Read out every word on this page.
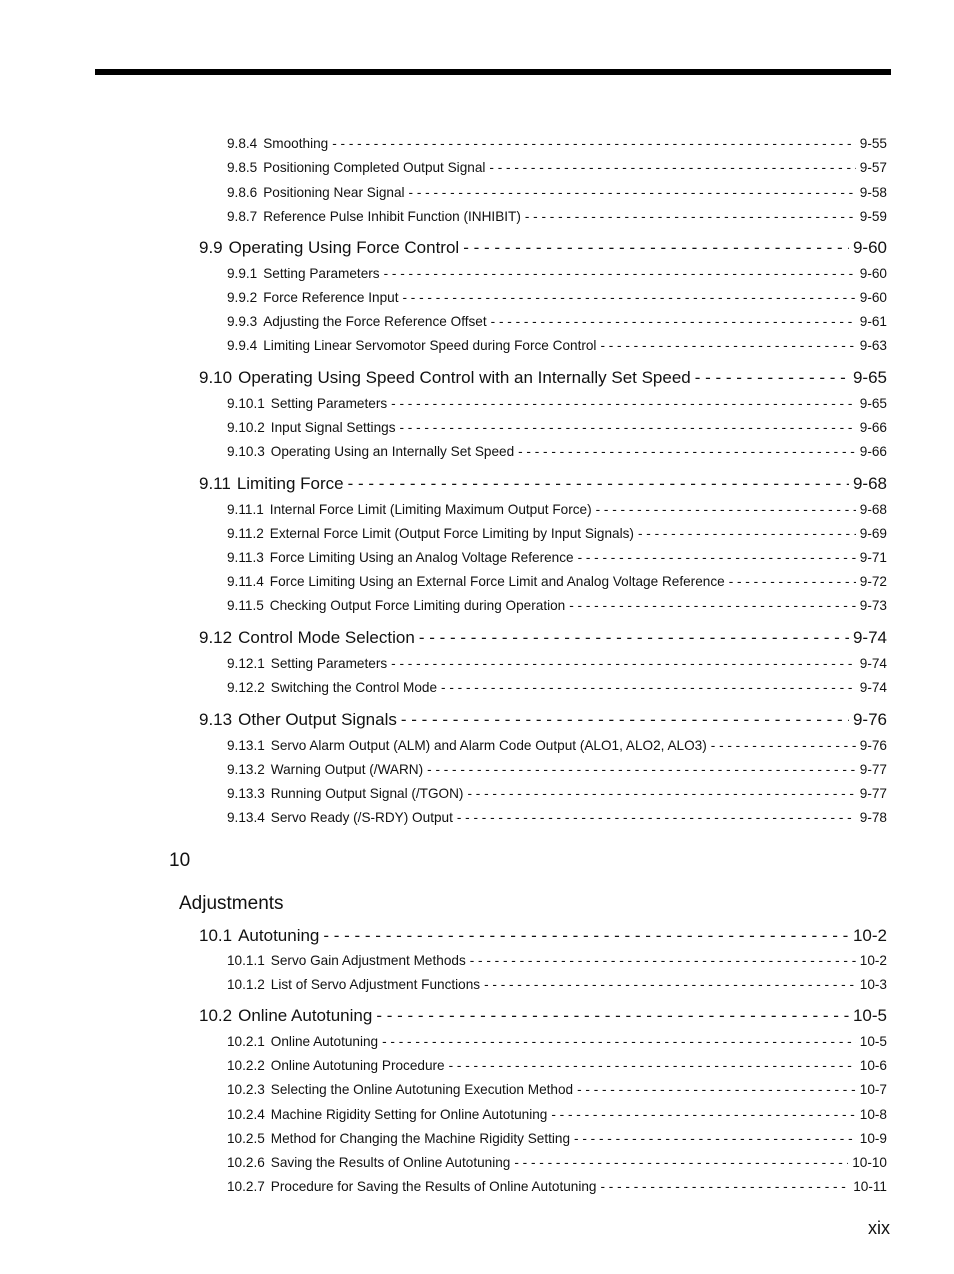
9.8.4 Smoothing - - -	9-55
9.8.5 Positioning Completed Output Signal - - -	9-57
9.8.6 Positioning Near Signal - - -	9-58
9.8.7 Reference Pulse Inhibit Function (INHIBIT) - - -	9-59
9.9 Operating Using Force Control - - -	9-60
9.9.1 Setting Parameters - - -	9-60
9.9.2 Force Reference Input - - -	9-60
9.9.3 Adjusting the Force Reference Offset - - -	9-61
9.9.4 Limiting Linear Servomotor Speed during Force Control - - -	9-63
9.10 Operating Using Speed Control with an Internally Set Speed - - -	9-65
9.10.1 Setting Parameters - - -	9-65
9.10.2 Input Signal Settings - - -	9-66
9.10.3 Operating Using an Internally Set Speed - - -	9-66
9.11 Limiting Force - - -	9-68
9.11.1 Internal Force Limit (Limiting Maximum Output Force) - - -	9-68
9.11.2 External Force Limit (Output Force Limiting by Input Signals) - - -	9-69
9.11.3 Force Limiting Using an Analog Voltage Reference - - -	9-71
9.11.4 Force Limiting Using an External Force Limit and Analog Voltage Reference - - -	9-72
9.11.5 Checking Output Force Limiting during Operation - - -	9-73
9.12 Control Mode Selection - - -	9-74
9.12.1 Setting Parameters - - -	9-74
9.12.2 Switching the Control Mode - - -	9-74
9.13 Other Output Signals - - -	9-76
9.13.1 Servo Alarm Output (ALM) and Alarm Code Output (ALO1, ALO2, ALO3) - - -	9-76
9.13.2 Warning Output (/WARN) - - -	9-77
9.13.3 Running Output Signal (/TGON) - - -	9-77
9.13.4 Servo Ready (/S-RDY) Output - - -	9-78
10.1 Autotuning - - -	10-2
10.1.1 Servo Gain Adjustment Methods - - -	10-2
10.1.2 List of Servo Adjustment Functions - - -	10-3
10.2 Online Autotuning - - -	10-5
10.2.1 Online Autotuning - - -	10-5
10.2.2 Online Autotuning Procedure - - -	10-6
10.2.3 Selecting the Online Autotuning Execution Method - - -	10-7
10.2.4 Machine Rigidity Setting for Online Autotuning - - -	10-8
10.2.5 Method for Changing the Machine Rigidity Setting - - -	10-9
10.2.6 Saving the Results of Online Autotuning - - -	10-10
10.2.7 Procedure for Saving the Results of Online Autotuning - - -	10-11
10
Adjustments
xix
